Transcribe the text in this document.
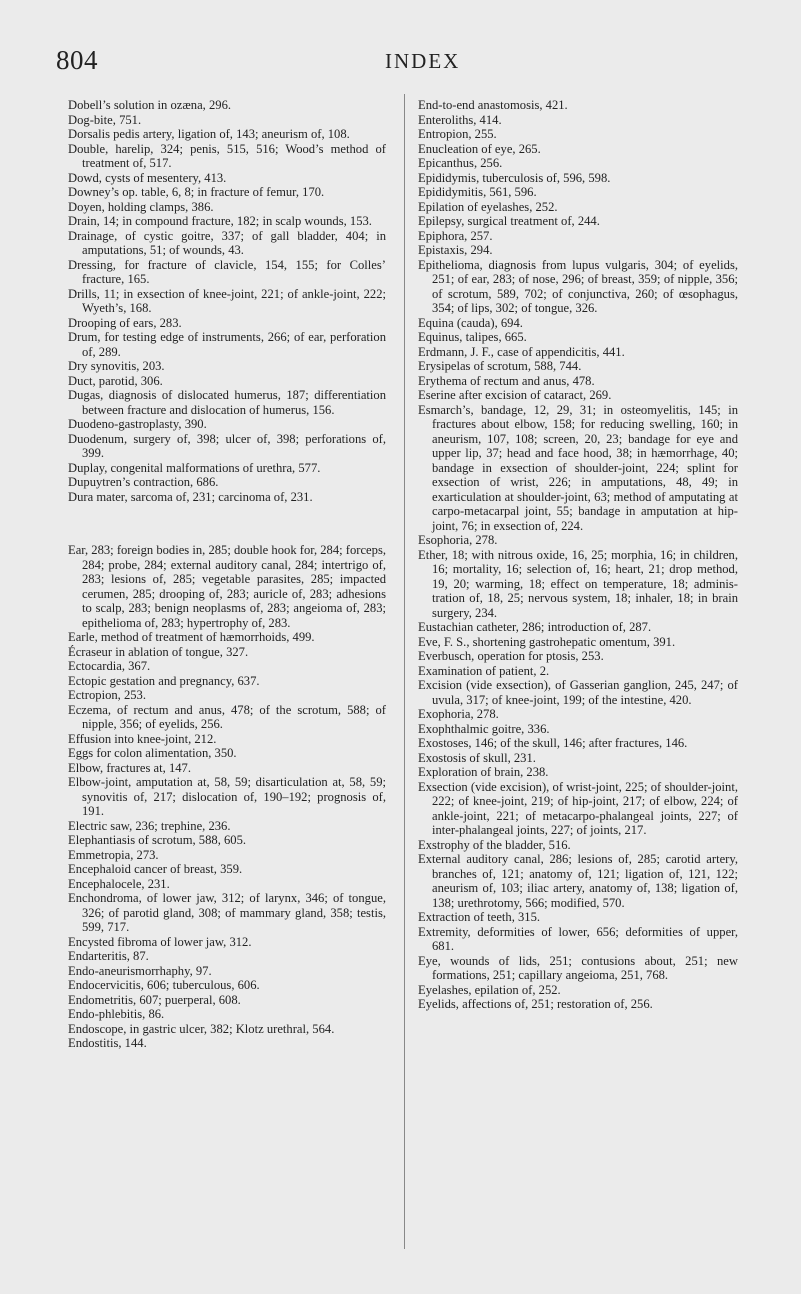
804	INDEX

Dobell’s solution in ozæna, 296.

Dog-bite, 751.

Dorsalis pedis artery, ligation of, 143; aneurism of, 108.

Double, harelip, 324; penis, 515, 516; Wood’s method of treatment of, 517.

Dowd, cysts of mesentery, 413.

Downey’s op. table, 6, 8; in fracture of femur, 170.

Doyen, holding clamps, 386.

Drain, 14; in compound fracture, 182; in scalp wounds, 153.

Drainage, of cystic goitre, 337; of gall bladder, 404; in amputations, 51; of wounds, 43.

Dressing, for fracture of clavicle, 154, 155; for Colles’ fracture, 165.

Drills, 11; in exsection of knee-joint, 221; of ankle-joint, 222; Wyeth’s, 168.

Drooping of ears, 283.

Drum, for testing edge of instruments, 266; of ear, perforation of, 289.

Dry synovitis, 203.

Duct, parotid, 306.

Dugas, diagnosis of dislocated humerus, 187; differentiation between fracture and dislocation of humerus, 156.

Duodeno-gastroplasty, 390.

Duodenum, surgery of, 398; ulcer of, 398; perforations of, 399.

Duplay, congenital malformations of urethra, 577.

Dupuytren’s contraction, 686.

Dura mater, sarcoma of, 231; carcinoma of, 231.

Ear, 283; foreign bodies in, 285; double hook for, 284; forceps, 284; probe, 284; external auditory canal, 284; intertrigo of, 283; lesions of, 285; vegetable parasites, 285; impacted cerumen, 285; drooping of, 283; auricle of, 283; adhesions to scalp, 283; benign neoplasms of, 283; angeioma of, 283; epithelioma of, 283; hypertrophy of, 283.

Earle, method of treatment of hæmorrhoids, 499.

Écraseur in ablation of tongue, 327.

Ectocardia, 367.

Ectopic gestation and pregnancy, 637.

Ectropion, 253.

Eczema, of rectum and anus, 478; of the scrotum, 588; of nipple, 356; of eyelids, 256.

Effusion into knee-joint, 212.

Eggs for colon alimentation, 350.

Elbow, fractures at, 147.

Elbow-joint, amputation at, 58, 59; disarticulation at, 58, 59; synovitis of, 217; dislocation of, 190–192; prognosis of, 191.

Electric saw, 236; trephine, 236.

Elephantiasis of scrotum, 588, 605.

Emmetropia, 273.

Encephaloid cancer of breast, 359.

Encephalocele, 231.

Enchondroma, of lower jaw, 312; of larynx, 346; of tongue, 326; of parotid gland, 308; of mammary gland, 358; testis, 599, 717.

Encysted fibroma of lower jaw, 312.

Endarteritis, 87.

Endo-aneurismorrhaphy, 97.

Endocervicitis, 606; tuberculous, 606.

Endometritis, 607; puerperal, 608.

Endo-phlebitis, 86.

Endoscope, in gastric ulcer, 382; Klotz urethral, 564.

Endostitis, 144.

End-to-end anastomosis, 421.

Enteroliths, 414.

Entropion, 255.

Enucleation of eye, 265.

Epicanthus, 256.

Epididymis, tuberculosis of, 596, 598.

Epididymitis, 561, 596.

Epilation of eyelashes, 252.

Epilepsy, surgical treatment of, 244.

Epiphora, 257.

Epistaxis, 294.

Epithelioma, diagnosis from lupus vulgaris, 304; of eyelids, 251; of ear, 283; of nose, 296; of breast, 359; of nipple, 356; of scrotum, 589, 702; of conjunctiva, 260; of œsophagus, 354; of lips, 302; of tongue, 326.

Equina (cauda), 694.

Equinus, talipes, 665.

Erdmann, J. F., case of appendicitis, 441.

Erysipelas of scrotum, 588, 744.

Erythema of rectum and anus, 478.

Eserine after excision of cataract, 269.

Esmarch’s, bandage, 12, 29, 31; in osteomyelitis, 145; in fractures about elbow, 158; for reducing swelling, 160; in aneurism, 107, 108; screen, 20, 23; bandage for eye and upper lip, 37; head and face hood, 38; in hæmorrhage, 40; bandage in exsection of shoulder-joint, 224; splint for exsection of wrist, 226; in amputations, 48, 49; in exarticulation at shoulder-joint, 63; method of amputating at carpo-metacarpal joint, 55; bandage in amputation at hip-joint, 76; in exsection of, 224.

Esophoria, 278.

Ether, 18; with nitrous oxide, 16, 25; morphia, 16; in children, 16; mortality, 16; selection of, 16; heart, 21; drop method, 19, 20; warming, 18; effect on temperature, 18; administration of, 18, 25; nervous system, 18; inhaler, 18; in brain surgery, 234.

Eustachian catheter, 286; introduction of, 287.

Eve, F. S., shortening gastrohepatic omentum, 391.

Everbusch, operation for ptosis, 253.

Examination of patient, 2.

Excision (vide exsection), of Gasserian ganglion, 245, 247; of uvula, 317; of knee-joint, 199; of the intestine, 420.

Exophoria, 278.

Exophthalmic goitre, 336.

Exostoses, 146; of the skull, 146; after fractures, 146.

Exostosis of skull, 231.

Exploration of brain, 238.

Exsection (vide excision), of wrist-joint, 225; of shoulder-joint, 222; of knee-joint, 219; of hip-joint, 217; of elbow, 224; of ankle-joint, 221; of metacarpo-phalangeal joints, 227; of inter-phalangeal joints, 227; of joints, 217.

Exstrophy of the bladder, 516.

External auditory canal, 286; lesions of, 285; carotid artery, branches of, 121; anatomy of, 121; ligation of, 121, 122; aneurism of, 103; iliac artery, anatomy of, 138; ligation of, 138; urethrotomy, 566; modified, 570.

Extraction of teeth, 315.

Extremity, deformities of lower, 656; deformities of upper, 681.

Eye, wounds of lids, 251; contusions about, 251; new formations, 251; capillary angeioma, 251, 768.

Eyelashes, epilation of, 252.

Eyelids, affections of, 251; restoration of, 256.
